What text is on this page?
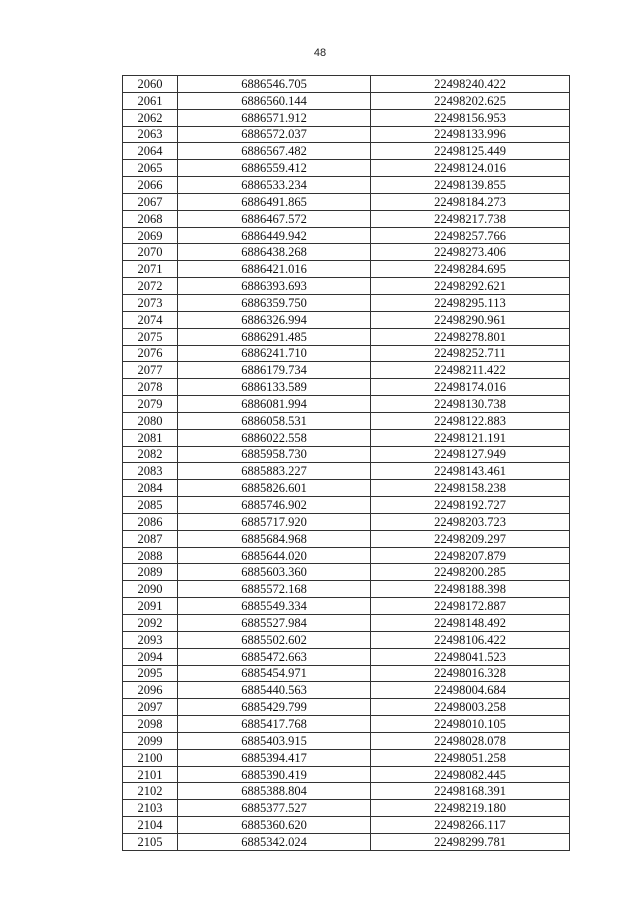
48
2060	6886546.705	22498240.422
2061	6886560.144	22498202.625
2062	6886571.912	22498156.953
2063	6886572.037	22498133.996
2064	6886567.482	22498125.449
2065	6886559.412	22498124.016
2066	6886533.234	22498139.855
2067	6886491.865	22498184.273
2068	6886467.572	22498217.738
2069	6886449.942	22498257.766
2070	6886438.268	22498273.406
2071	6886421.016	22498284.695
2072	6886393.693	22498292.621
2073	6886359.750	22498295.113
2074	6886326.994	22498290.961
2075	6886291.485	22498278.801
2076	6886241.710	22498252.711
2077	6886179.734	22498211.422
2078	6886133.589	22498174.016
2079	6886081.994	22498130.738
2080	6886058.531	22498122.883
2081	6886022.558	22498121.191
2082	6885958.730	22498127.949
2083	6885883.227	22498143.461
2084	6885826.601	22498158.238
2085	6885746.902	22498192.727
2086	6885717.920	22498203.723
2087	6885684.968	22498209.297
2088	6885644.020	22498207.879
2089	6885603.360	22498200.285
2090	6885572.168	22498188.398
2091	6885549.334	22498172.887
2092	6885527.984	22498148.492
2093	6885502.602	22498106.422
2094	6885472.663	22498041.523
2095	6885454.971	22498016.328
2096	6885440.563	22498004.684
2097	6885429.799	22498003.258
2098	6885417.768	22498010.105
2099	6885403.915	22498028.078
2100	6885394.417	22498051.258
2101	6885390.419	22498082.445
2102	6885388.804	22498168.391
2103	6885377.527	22498219.180
2104	6885360.620	22498266.117
2105	6885342.024	22498299.781
